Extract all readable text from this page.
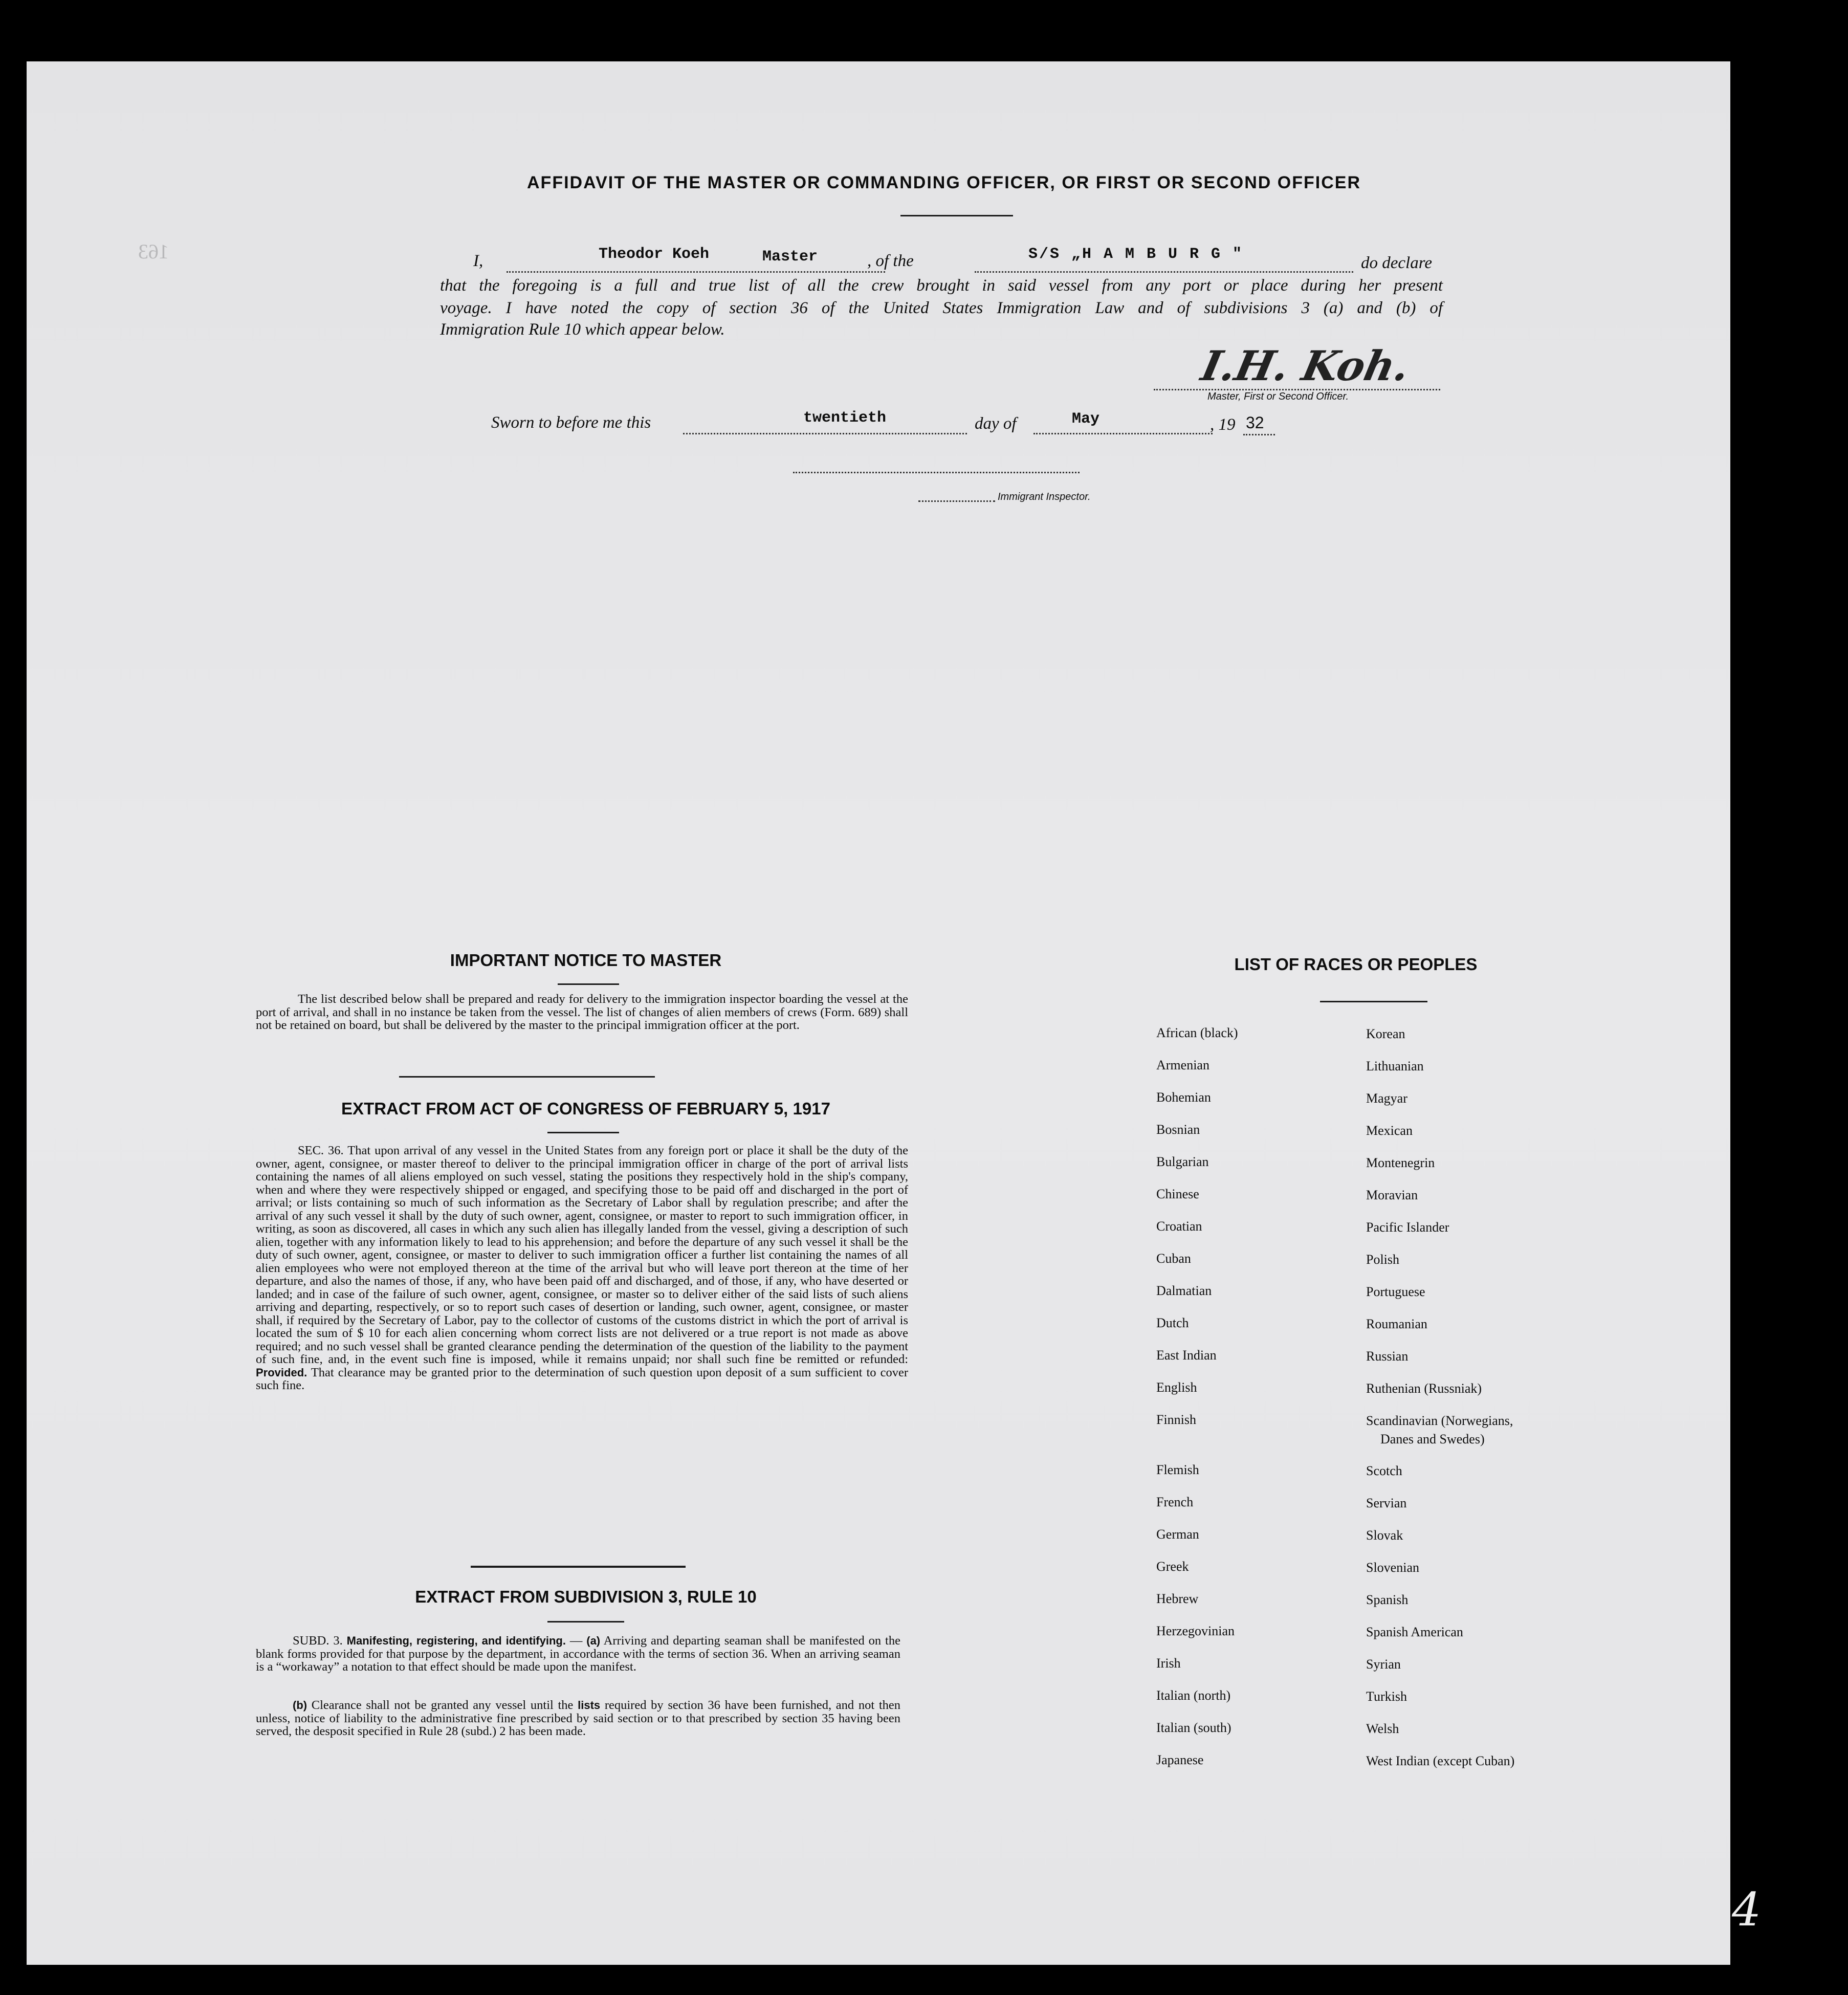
163
AFFIDAVIT OF THE MASTER OR COMMANDING OFFICER, OR FIRST OR SECOND OFFICER
I,	Theodor Koeh	Master	, of the	S/S „H A M B U R G "	do declare
that the foregoing is a full and true list of all the crew brought in said vessel from any port or place during her present
voyage. I have noted the copy of section 36 of the United States Immigration Law and of subdivisions 3 (a) and (b) of
Immigration Rule 10 which appear below.
I.H. Koh.
Master, First or Second Officer.
Sworn to before me this	twentieth	day of	May	, 19 32
Immigrant Inspector.
IMPORTANT NOTICE TO MASTER
The list described below shall be prepared and ready for delivery to the immigration inspector boarding the vessel at the port of arrival, and shall in no instance be taken from the vessel. The list of changes of alien members of crews (Form. 689) shall not be retained on board, but shall be delivered by the master to the principal immigration officer at the port.
EXTRACT FROM ACT OF CONGRESS OF FEBRUARY 5, 1917
SEC. 36. That upon arrival of any vessel in the United States from any foreign port or place it shall be the duty of the owner, agent, consignee, or master thereof to deliver to the principal immigration officer in charge of the port of arrival lists containing the names of all aliens employed on such vessel, stating the positions they respectively hold in the ship's company, when and where they were respectively shipped or engaged, and specifying those to be paid off and discharged in the port of arrival; or lists containing so much of such information as the Secretary of Labor shall by regulation prescribe; and after the arrival of any such vessel it shall by the duty of such owner, agent, consignee, or master to report to such immigration officer, in writing, as soon as discovered, all cases in which any such alien has illegally landed from the vessel, giving a description of such alien, together with any information likely to lead to his apprehension; and before the departure of any such vessel it shall be the duty of such owner, agent, consignee, or master to deliver to such immigration officer a further list containing the names of all alien employees who were not employed thereon at the time of the arrival but who will leave port thereon at the time of her departure, and also the names of those, if any, who have been paid off and discharged, and of those, if any, who have deserted or landed; and in case of the failure of such owner, agent, consignee, or master so to deliver either of the said lists of such aliens arriving and departing, respectively, or so to report such cases of desertion or landing, such owner, agent, consignee, or master shall, if required by the Secretary of Labor, pay to the collector of customs of the customs district in which the port of arrival is located the sum of $ 10 for each alien concerning whom correct lists are not delivered or a true report is not made as above required; and no such vessel shall be granted clearance pending the determination of the question of the liability to the payment of such fine, and, in the event such fine is imposed, while it remains unpaid; nor shall such fine be remitted or refunded: Provided. That clearance may be granted prior to the determination of such question upon deposit of a sum sufficient to cover such fine.
EXTRACT FROM SUBDIVISION 3, RULE 10
SUBD. 3. Manifesting, registering, and identifying. — (a) Arriving and departing seaman shall be manifested on the blank forms provided for that purpose by the department, in accordance with the terms of section 36. When an arriving seaman is a “workaway” a notation to that effect should be made upon the manifest.
(b) Clearance shall not be granted any vessel until the lists required by section 36 have been furnished, and not then unless, notice of liability to the administrative fine prescribed by said section or to that prescribed by section 35 having been served, the desposit specified in Rule 28 (subd.) 2 has been made.
LIST OF RACES OR PEOPLES
African (black)
Armenian
Bohemian
Bosnian
Bulgarian
Chinese
Croatian
Cuban
Dalmatian
Dutch
East Indian
English
Finnish
Flemish
French
German
Greek
Hebrew
Herzegovinian
Irish
Italian (north)
Italian (south)
Japanese
Korean
Lithuanian
Magyar
Mexican
Montenegrin
Moravian
Pacific Islander
Polish
Portuguese
Roumanian
Russian
Ruthenian (Russniak)
Scandinavian (Norwegians,
Danes and Swedes)
Scotch
Servian
Slovak
Slovenian
Spanish
Spanish American
Syrian
Turkish
Welsh
West Indian (except Cuban)
4
